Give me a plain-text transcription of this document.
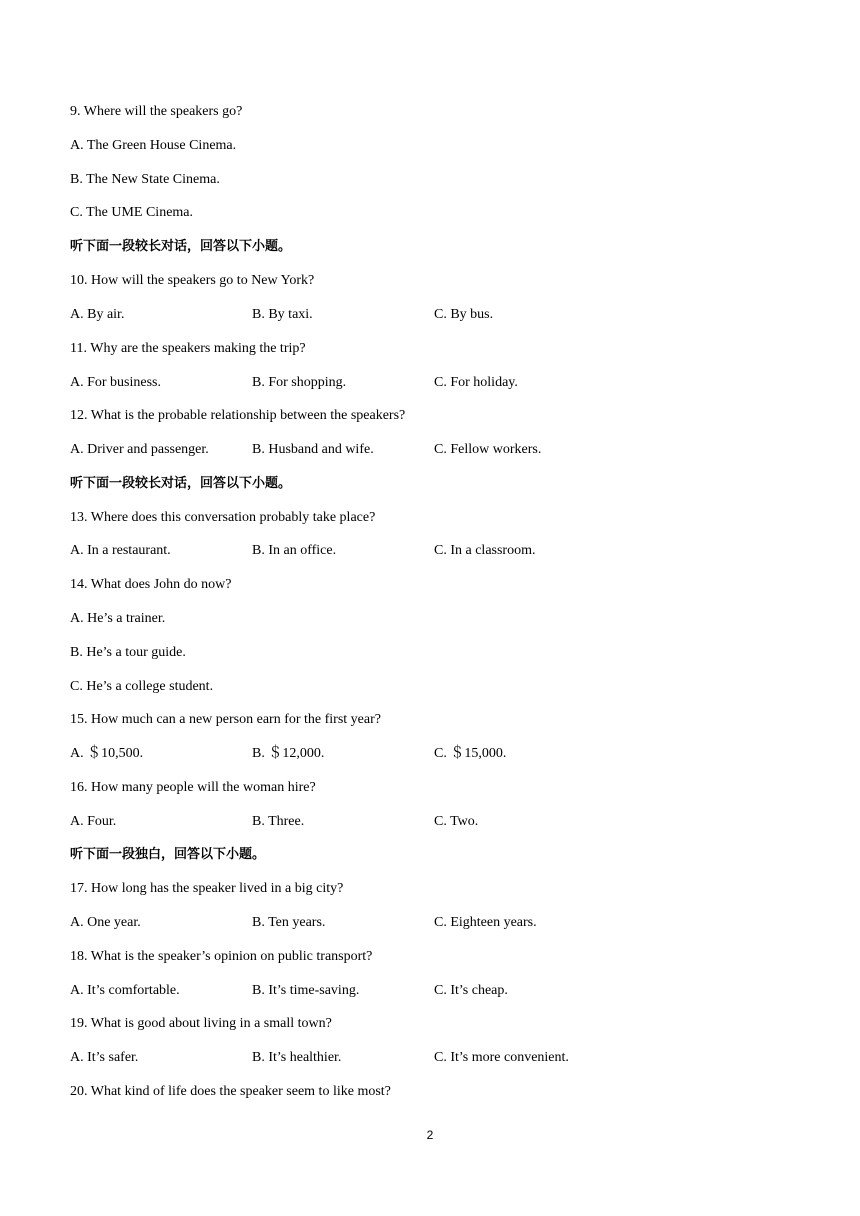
9. Where will the speakers go?
A. The Green House Cinema.
B. The New State Cinema.
C. The UME Cinema.
听下面一段较长对话，回答以下小题。
10. How will the speakers go to New York?
A. By air.	B. By taxi.	C. By bus.
11. Why are the speakers making the trip?
A. For business.	B. For shopping.	C. For holiday.
12. What is the probable relationship between the speakers?
A. Driver and passenger.	B. Husband and wife.	C. Fellow workers.
听下面一段较长对话，回答以下小题。
13. Where does this conversation probably take place?
A. In a restaurant.	B. In an office.	C. In a classroom.
14. What does John do now?
A. He’s a trainer.
B. He’s a tour guide.
C. He’s a college student.
15. How much can a new person earn for the first year?
A. ＄10,500.	B. ＄12,000.	C. ＄15,000.
16. How many people will the woman hire?
A. Four.	B. Three.	C. Two.
听下面一段独白，回答以下小题。
17. How long has the speaker lived in a big city?
A. One year.	B. Ten years.	C. Eighteen years.
18. What is the speaker’s opinion on public transport?
A. It’s comfortable.	B. It’s time-saving.	C. It’s cheap.
19. What is good about living in a small town?
A. It’s safer.	B. It’s healthier.	C. It’s more convenient.
20. What kind of life does the speaker seem to like most?
2
